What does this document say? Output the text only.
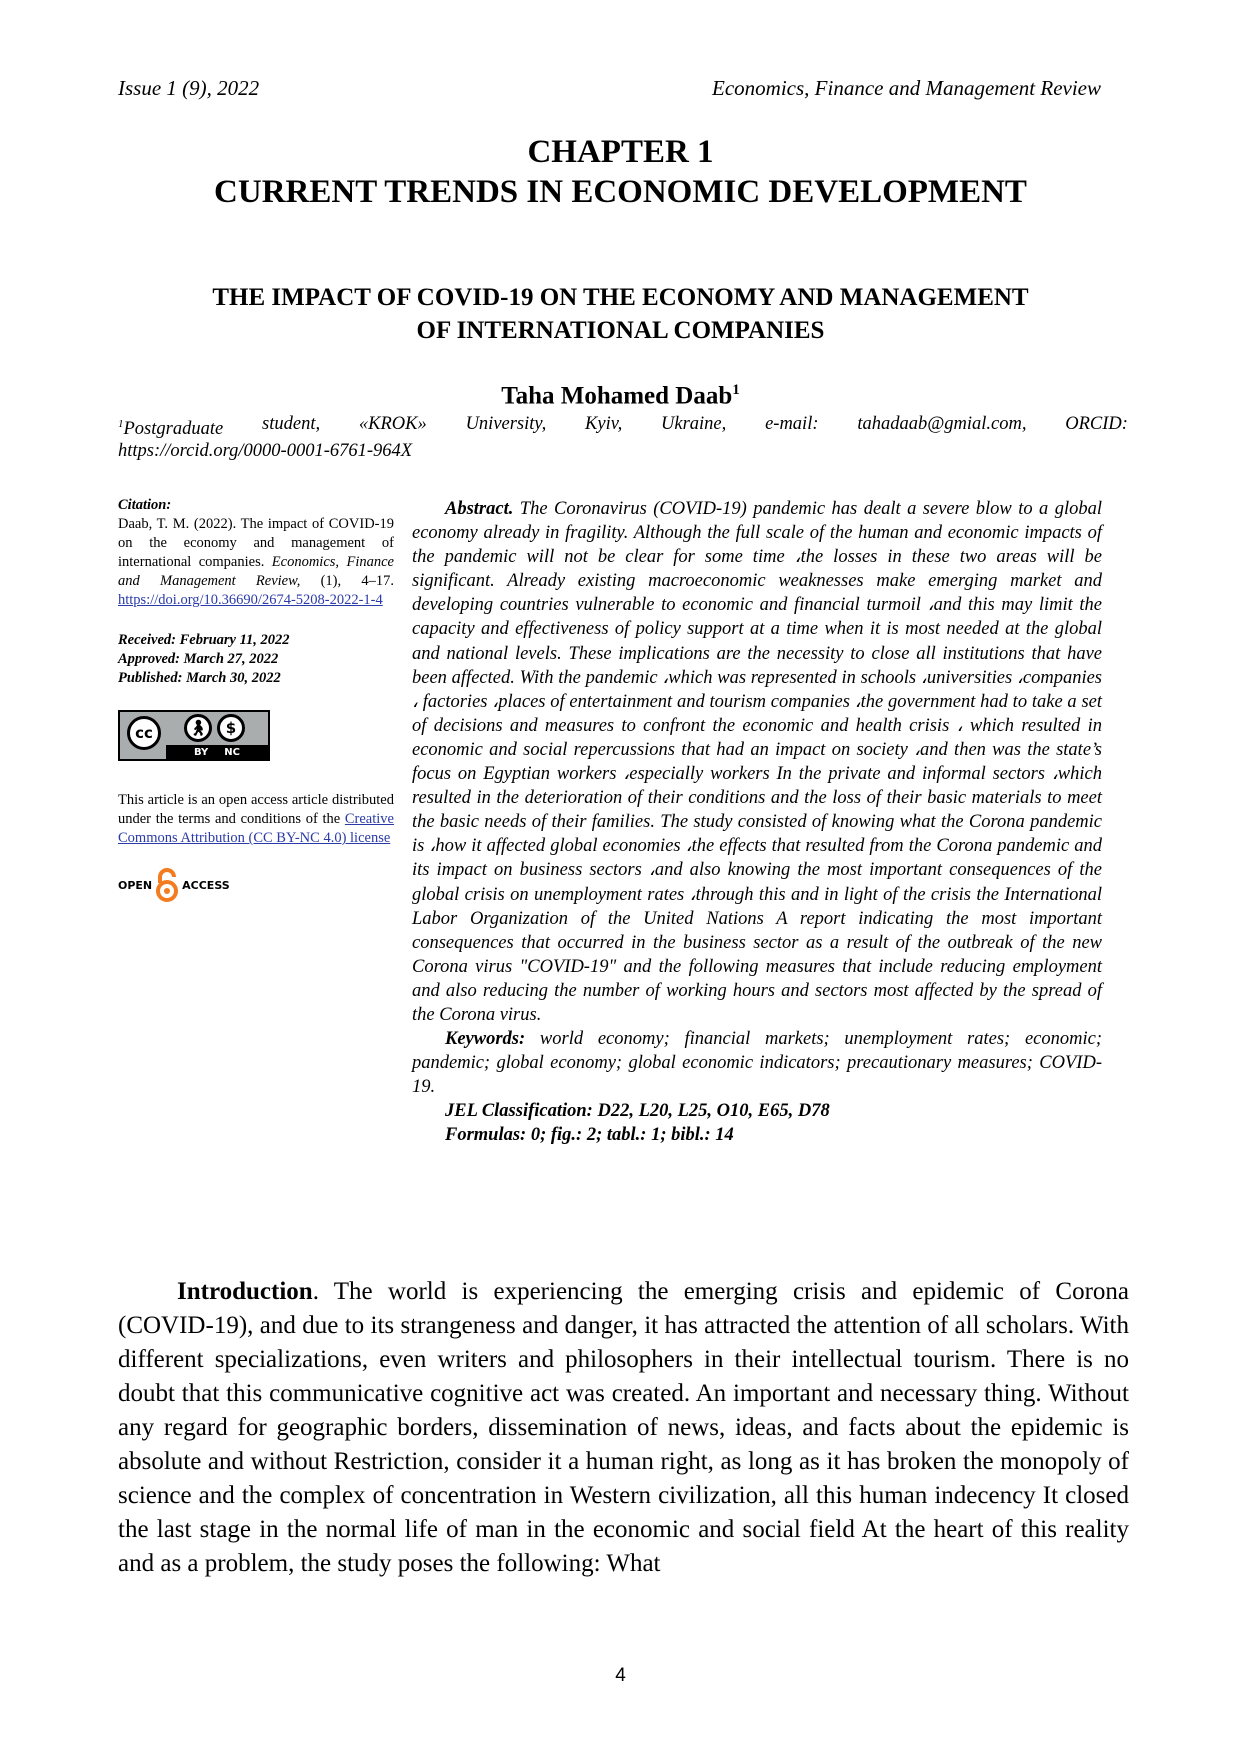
Issue 1 (9), 2022	Economics, Finance and Management Review
CHAPTER 1
CURRENT TRENDS IN ECONOMIC DEVELOPMENT
THE IMPACT OF COVID-19 ON THE ECONOMY AND MANAGEMENT
OF INTERNATIONAL COMPANIES
Taha Mohamed Daab$^1$
$^1$Postgraduate student, «KROK» University, Kyiv, Ukraine, e-mail: tahadaab@gmial.com, ORCID:
https://orcid.org/0000-0001-6761-964X
Citation:
Daab, T. M. (2022). The impact of COVID-19 on the economy and management of international companies. Economics, Finance and Management Review, (1), 4–17. https://doi.org/10.36690/2674-5208-2022-1-4
Received: February 11, 2022
Approved: March 27, 2022
Published: March 30, 2022
cc	🚶︎	$
BY NC
This article is an open access article distributed under the terms and conditions of the Creative Commons Attribution (CC BY-NC 4.0) license
OPEN	ACCESS

Abstract. The Coronavirus (COVID-19) pandemic has dealt a severe blow to a global economy already in fragility. Although the full scale of the human and economic impacts of the pandemic will not be clear for some time ،the losses in these two areas will be significant. Already existing macroeconomic weaknesses make emerging market and developing countries vulnerable to economic and financial turmoil ،and this may limit the capacity and effectiveness of policy support at a time when it is most needed at the global and national levels. These implications are the necessity to close all institutions that have been affected. With the pandemic ،which was represented in schools ،universities ،companies ، factories ،places of entertainment and tourism companies ،the government had to take a set of decisions and measures to confront the economic and health crisis ، which resulted in economic and social repercussions that had an impact on society ،and then was the state’s focus on Egyptian workers ،especially workers In the private and informal sectors ،which resulted in the deterioration of their conditions and the loss of their basic materials to meet the basic needs of their families. The study consisted of knowing what the Corona pandemic is ،how it affected global economies ،the effects that resulted from the Corona pandemic and its impact on business sectors ،and also knowing the most important consequences of the global crisis on unemployment rates ،through this and in light of the crisis the International Labor Organization of the United Nations A report indicating the most important consequences that occurred in the business sector as a result of the outbreak of the new Corona virus "COVID-19" and the following measures that include reducing employment and also reducing the number of working hours and sectors most affected by the spread of the Corona virus.

Keywords: world economy; financial markets; unemployment rates; economic; pandemic; global economy; global economic indicators; precautionary measures; COVID-19.

JEL Classification: D22, L20, L25, O10, E65, D78
Formulas: 0; fig.: 2; tabl.: 1; bibl.: 14

Introduction. The world is experiencing the emerging crisis and epidemic of Corona (COVID-19), and due to its strangeness and danger, it has attracted the attention of all scholars. With different specializations, even writers and philosophers in their intellectual tourism. There is no doubt that this communicative cognitive act was created. An important and necessary thing. Without any regard for geographic borders, dissemination of news, ideas, and facts about the epidemic is absolute and without Restriction, consider it a human right, as long as it has broken the monopoly of science and the complex of concentration in Western civilization, all this human indecency It closed the last stage in the normal life of man in the economic and social field At the heart of this reality and as a problem, the study poses the following: What

4
